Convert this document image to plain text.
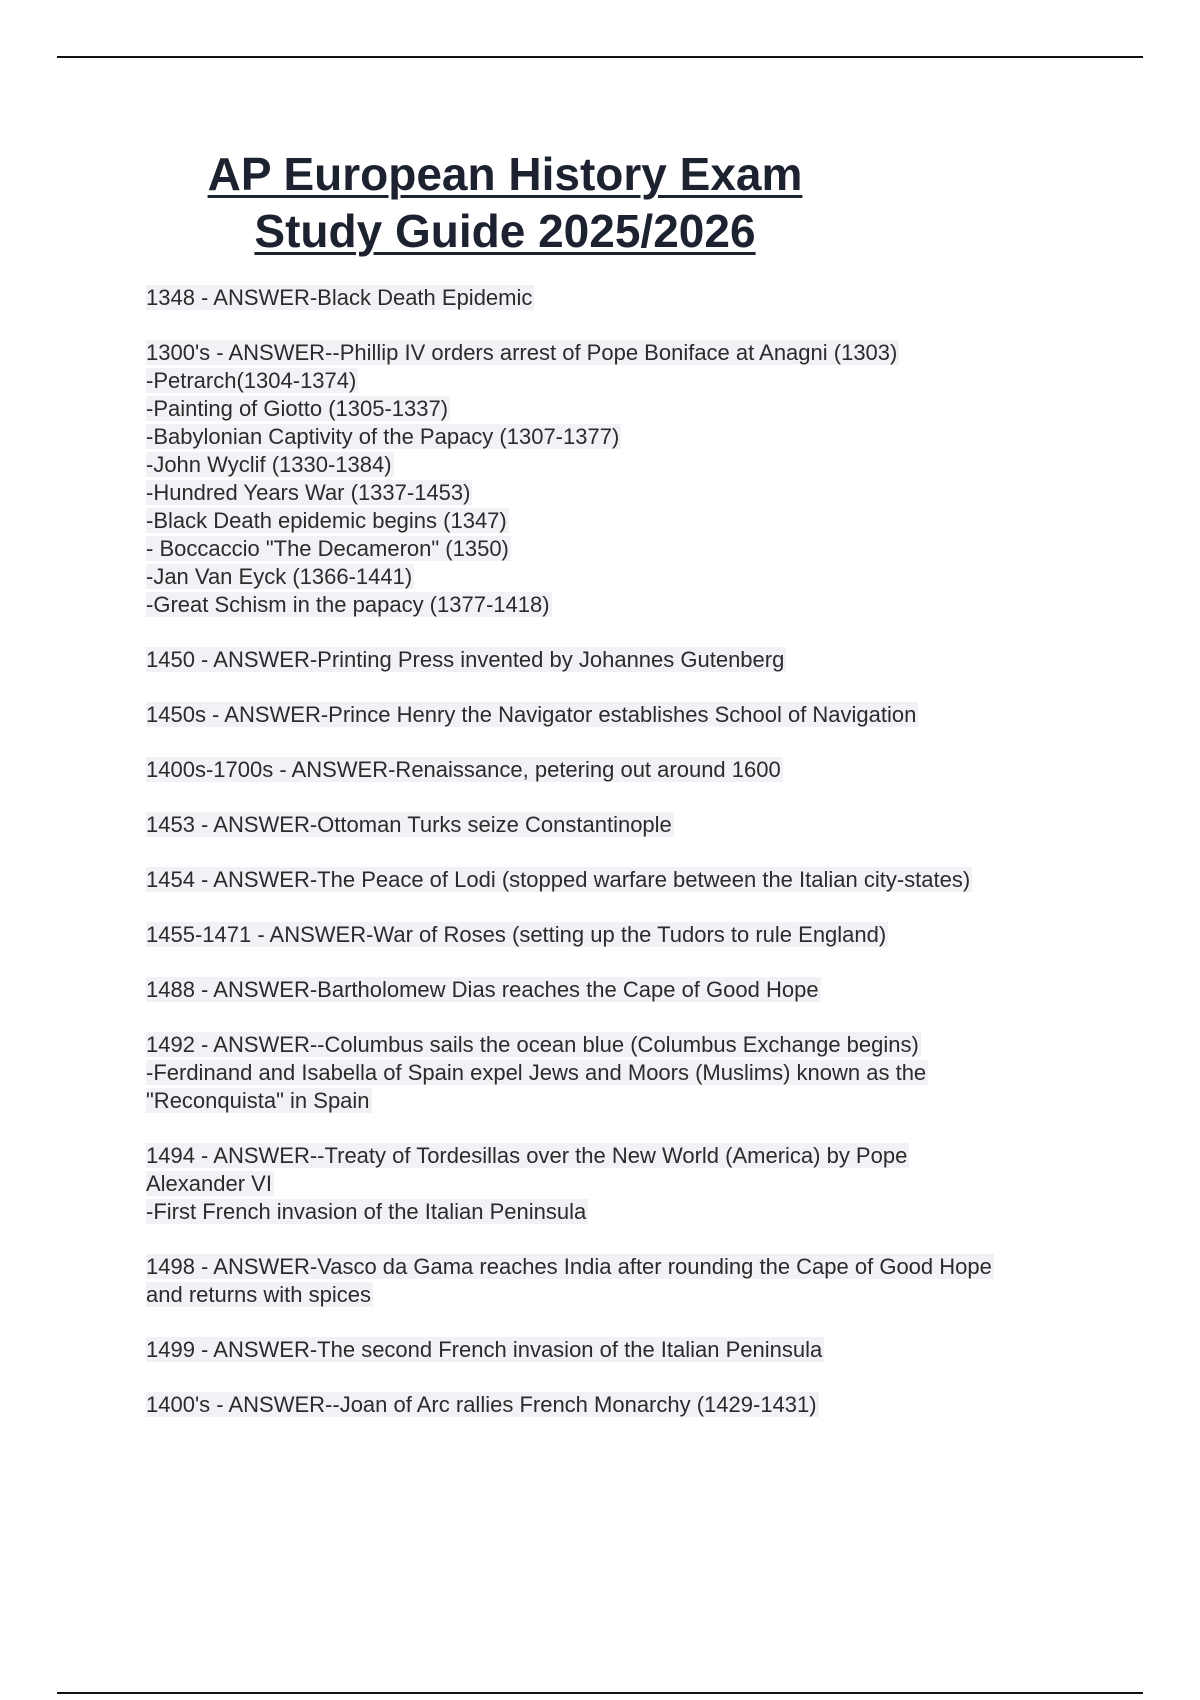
AP European History Exam
Study Guide 2025/2026
1348 - ANSWER-Black Death Epidemic
1300's - ANSWER--Phillip IV orders arrest of Pope Boniface at Anagni (1303)
-Petrarch(1304-1374)
-Painting of Giotto (1305-1337)
-Babylonian Captivity of the Papacy (1307-1377)
-John Wyclif (1330-1384)
-Hundred Years War (1337-1453)
-Black Death epidemic begins (1347)
- Boccaccio "The Decameron" (1350)
-Jan Van Eyck (1366-1441)
-Great Schism in the papacy (1377-1418)
1450 - ANSWER-Printing Press invented by Johannes Gutenberg
1450s - ANSWER-Prince Henry the Navigator establishes School of Navigation
1400s-1700s - ANSWER-Renaissance, petering out around 1600
1453 - ANSWER-Ottoman Turks seize Constantinople
1454 - ANSWER-The Peace of Lodi (stopped warfare between the Italian city-states)
1455-1471 - ANSWER-War of Roses (setting up the Tudors to rule England)
1488 - ANSWER-Bartholomew Dias reaches the Cape of Good Hope
1492 - ANSWER--Columbus sails the ocean blue (Columbus Exchange begins)
-Ferdinand and Isabella of Spain expel Jews and Moors (Muslims) known as the
"Reconquista" in Spain
1494 - ANSWER--Treaty of Tordesillas over the New World (America) by Pope
Alexander VI
-First French invasion of the Italian Peninsula
1498 - ANSWER-Vasco da Gama reaches India after rounding the Cape of Good Hope
and returns with spices
1499 - ANSWER-The second French invasion of the Italian Peninsula
1400's - ANSWER--Joan of Arc rallies French Monarchy (1429-1431)
